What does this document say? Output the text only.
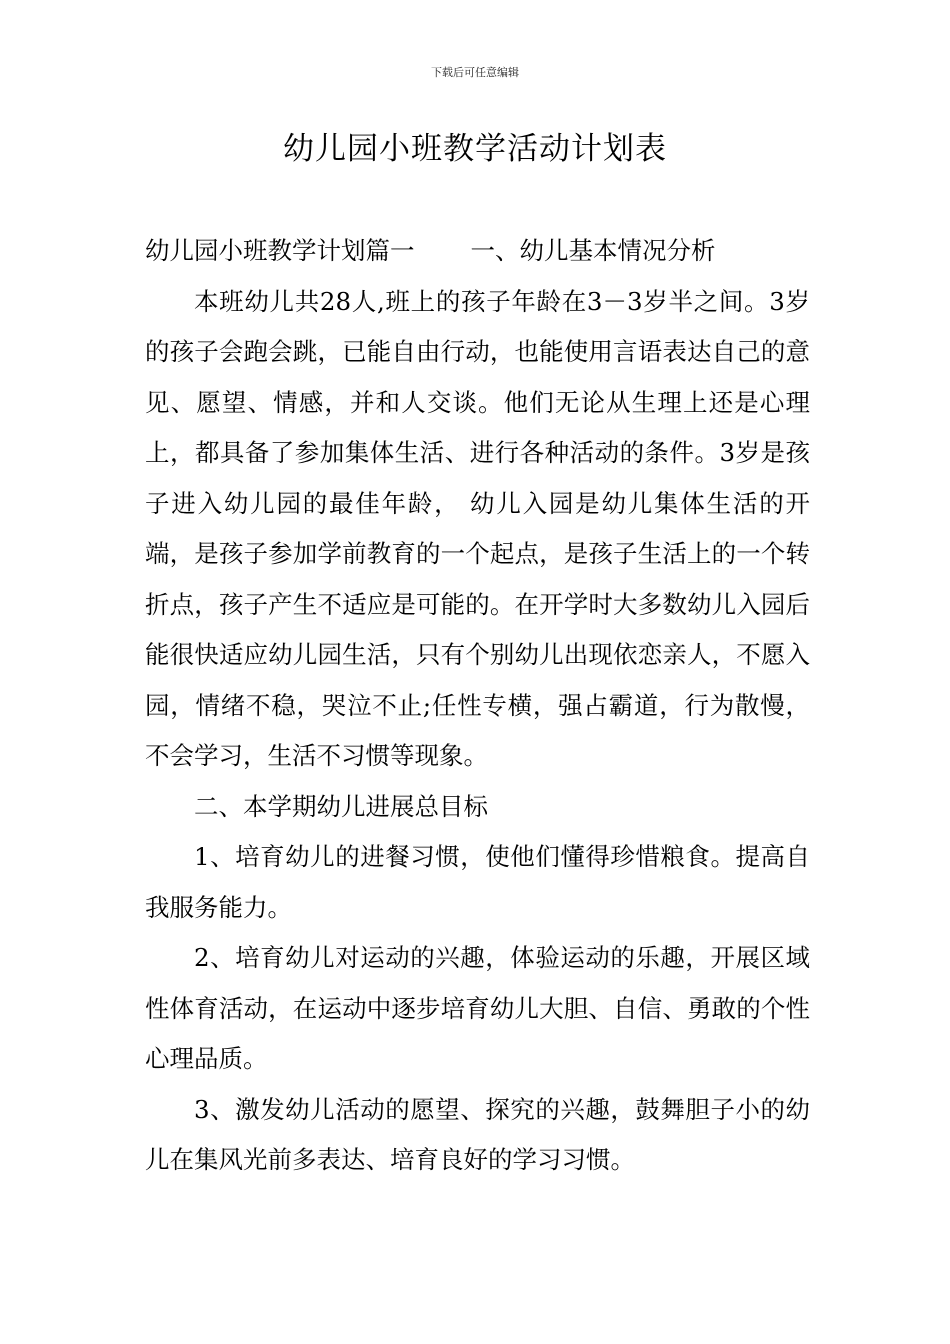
下载后可任意编辑
幼儿园小班教学活动计划表

幼儿园小班教学计划篇一 一、幼儿基本情况分析

本班幼儿共28人,班上的孩子年龄在3－3岁半之间。3岁的孩子会跑会跳，已能自由行动，也能使用言语表达自己的意见、愿望、情感，并和人交谈。他们无论从生理上还是心理上，都具备了参加集体生活、进行各种活动的条件。3岁是孩子进入幼儿园的最佳年龄， 幼儿入园是幼儿集体生活的开端，是孩子参加学前教育的一个起点，是孩子生活上的一个转折点，孩子产生不适应是可能的。在开学时大多数幼儿入园后能很快适应幼儿园生活，只有个别幼儿出现依恋亲人，不愿入园，情绪不稳，哭泣不止;任性专横，强占霸道，行为散慢，不会学习，生活不习惯等现象。

二、本学期幼儿进展总目标

1、培育幼儿的进餐习惯，使他们懂得珍惜粮食。提高自我服务能力。

2、培育幼儿对运动的兴趣，体验运动的乐趣，开展区域性体育活动，在运动中逐步培育幼儿大胆、自信、勇敢的个性心理品质。

3、激发幼儿活动的愿望、探究的兴趣，鼓舞胆子小的幼儿在集风光前多表达、培育良好的学习习惯。
